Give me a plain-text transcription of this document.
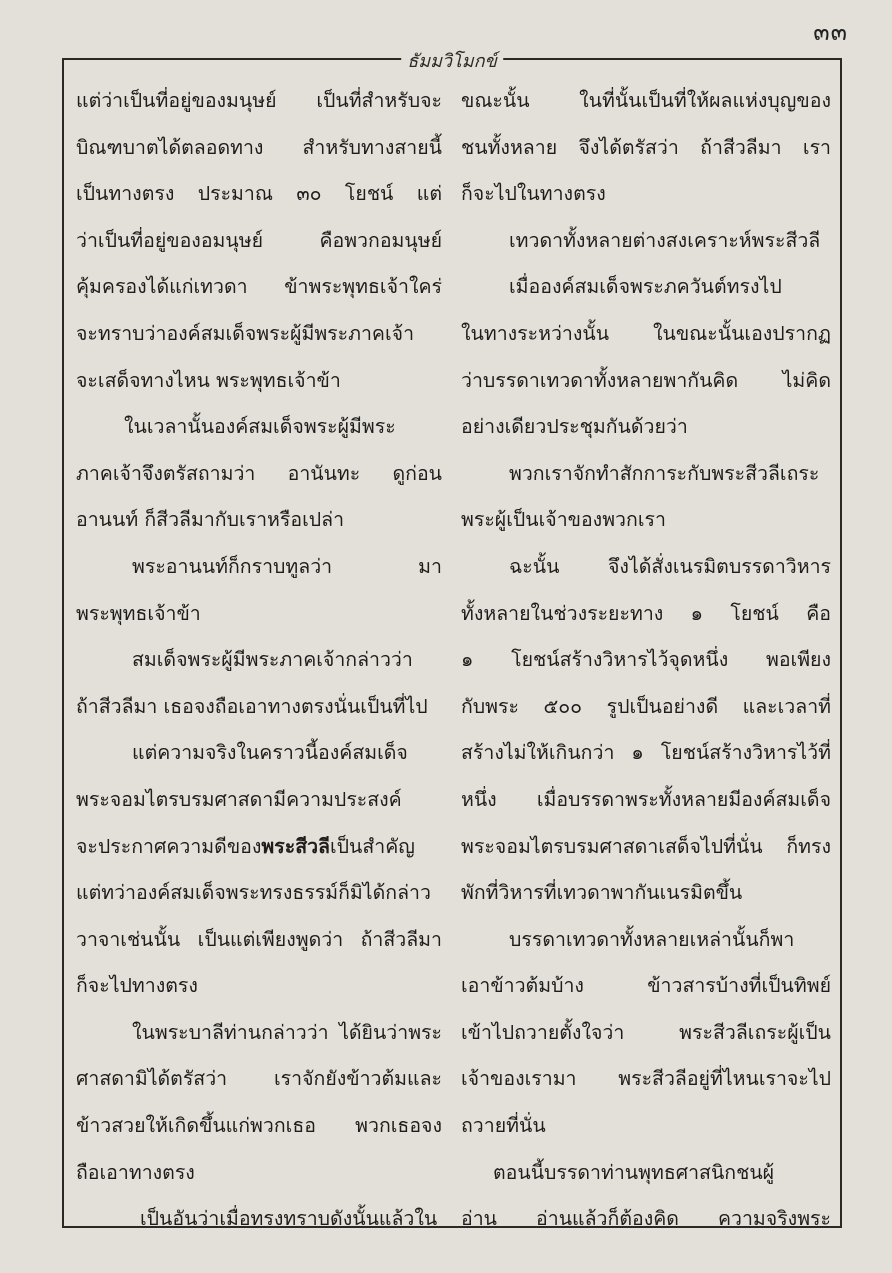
๓๓
ธัมมวิโมกข์
แต่ว่าเป็นที่อยู่ของมนุษย์ เป็นที่สำหรับจะ
บิณฑบาตได้ตลอดทาง สำหรับทางสายนี้
เป็นทางตรง ประมาณ ๓๐ โยชน์ แต่
ว่าเป็นที่อยู่ของอมนุษย์ คือพวกอมนุษย์
คุ้มครองได้แก่เทวดา ข้าพระพุทธเจ้าใคร่
จะทราบว่าองค์สมเด็จพระผู้มีพระภาคเจ้า
จะเสด็จทางไหน พระพุทธเจ้าข้า
ในเวลานั้นองค์สมเด็จพระผู้มีพระ
ภาคเจ้าจึงตรัสถามว่า อานันทะ ดูก่อน
อานนท์ ก็สีวลีมากับเราหรือเปล่า
พระอานนท์ก็กราบทูลว่า มา
พระพุทธเจ้าข้า
สมเด็จพระผู้มีพระภาคเจ้ากล่าวว่า
ถ้าสีวลีมา เธอจงถือเอาทางตรงนั่นเป็นที่ไป
แต่ความจริงในคราวนี้องค์สมเด็จ
พระจอมไตรบรมศาสดามีความประสงค์
จะประกาศความดีของพระสีวลีเป็นสำคัญ
แต่ทว่าองค์สมเด็จพระทรงธรรม์ก็มิได้กล่าว
วาจาเช่นนั้น เป็นแต่เพียงพูดว่า ถ้าสีวลีมา
ก็จะไปทางตรง
ในพระบาลีท่านกล่าวว่า ได้ยินว่าพระ
ศาสดามิได้ตรัสว่า เราจักยังข้าวต้มและ
ข้าวสวยให้เกิดขึ้นแก่พวกเธอ พวกเธอจง
ถือเอาทางตรง
เป็นอันว่าเมื่อทรงทราบดังนั้นแล้วใน
ขณะนั้น ในที่นั้นเป็นที่ให้ผลแห่งบุญของ
ชนทั้งหลาย จึงได้ตรัสว่า ถ้าสีวลีมา เรา
ก็จะไปในทางตรง
เทวดาทั้งหลายต่างสงเคราะห์พระสีวลี
เมื่อองค์สมเด็จพระภควันต์ทรงไป
ในทางระหว่างนั้น ในขณะนั้นเองปรากฏ
ว่าบรรดาเทวดาทั้งหลายพากันคิด ไม่คิด
อย่างเดียวประชุมกันด้วยว่า
พวกเราจักทำสักการะกับพระสีวลีเถระ
พระผู้เป็นเจ้าของพวกเรา
ฉะนั้น จึงได้สั่งเนรมิตบรรดาวิหาร
ทั้งหลายในช่วงระยะทาง ๑ โยชน์ คือ
๑ โยชน์สร้างวิหารไว้จุดหนึ่ง พอเพียง
กับพระ ๕๐๐ รูปเป็นอย่างดี และเวลาที่
สร้างไม่ให้เกินกว่า ๑ โยชน์สร้างวิหารไว้ที่
หนึ่ง เมื่อบรรดาพระทั้งหลายมีองค์สมเด็จ
พระจอมไตรบรมศาสดาเสด็จไปที่นั่น ก็ทรง
พักที่วิหารที่เทวดาพากันเนรมิตขึ้น
บรรดาเทวดาทั้งหลายเหล่านั้นก็พา
เอาข้าวต้มบ้าง ข้าวสารบ้างที่เป็นทิพย์
เข้าไปถวายตั้งใจว่า พระสีวลีเถระผู้เป็น
เจ้าของเรามา พระสีวลีอยู่ที่ไหนเราจะไป
ถวายที่นั่น
ตอนนี้บรรดาท่านพุทธศาสนิกชนผู้
อ่าน อ่านแล้วก็ต้องคิด ความจริงพระ
